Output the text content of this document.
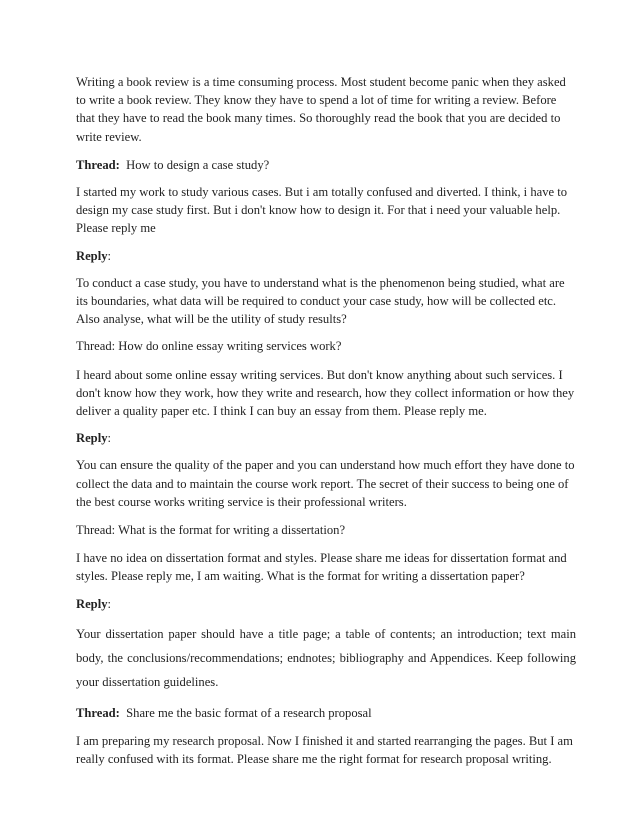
Writing a book review is a time consuming process. Most student become panic when they asked to write a book review. They know they have to spend a lot of time for writing a review. Before that they have to read the book many times. So thoroughly read the book that you are decided to write review.

Thread: How to design a case study?

I started my work to study various cases. But i am totally confused and diverted. I think, i have to design my case study first. But i don't know how to design it. For that i need your valuable help. Please reply me

Reply:

To conduct a case study, you have to understand what is the phenomenon being studied, what are its boundaries, what data will be required to conduct your case study, how will be collected etc. Also analyse, what will be the utility of study results?

Thread: How do online essay writing services work?

I heard about some online essay writing services. But don't know anything about such services. I don't know how they work, how they write and research, how they collect information or how they deliver a quality paper etc. I think I can buy an essay from them. Please reply me.

Reply:

You can ensure the quality of the paper and you can understand how much effort they have done to collect the data and to maintain the course work report. The secret of their success to being one of the best course works writing service is their professional writers.

Thread: What is the format for writing a dissertation?

I have no idea on dissertation format and styles. Please share me ideas for dissertation format and styles. Please reply me, I am waiting. What is the format for writing a dissertation paper?

Reply:

Your dissertation paper should have a title page; a table of contents; an introduction; text main body, the conclusions/recommendations; endnotes; bibliography and Appendices. Keep following your dissertation guidelines.

Thread: Share me the basic format of a research proposal

I am preparing my research proposal. Now I finished it and started rearranging the pages. But I am really confused with its format. Please share me the right format for research proposal writing.
